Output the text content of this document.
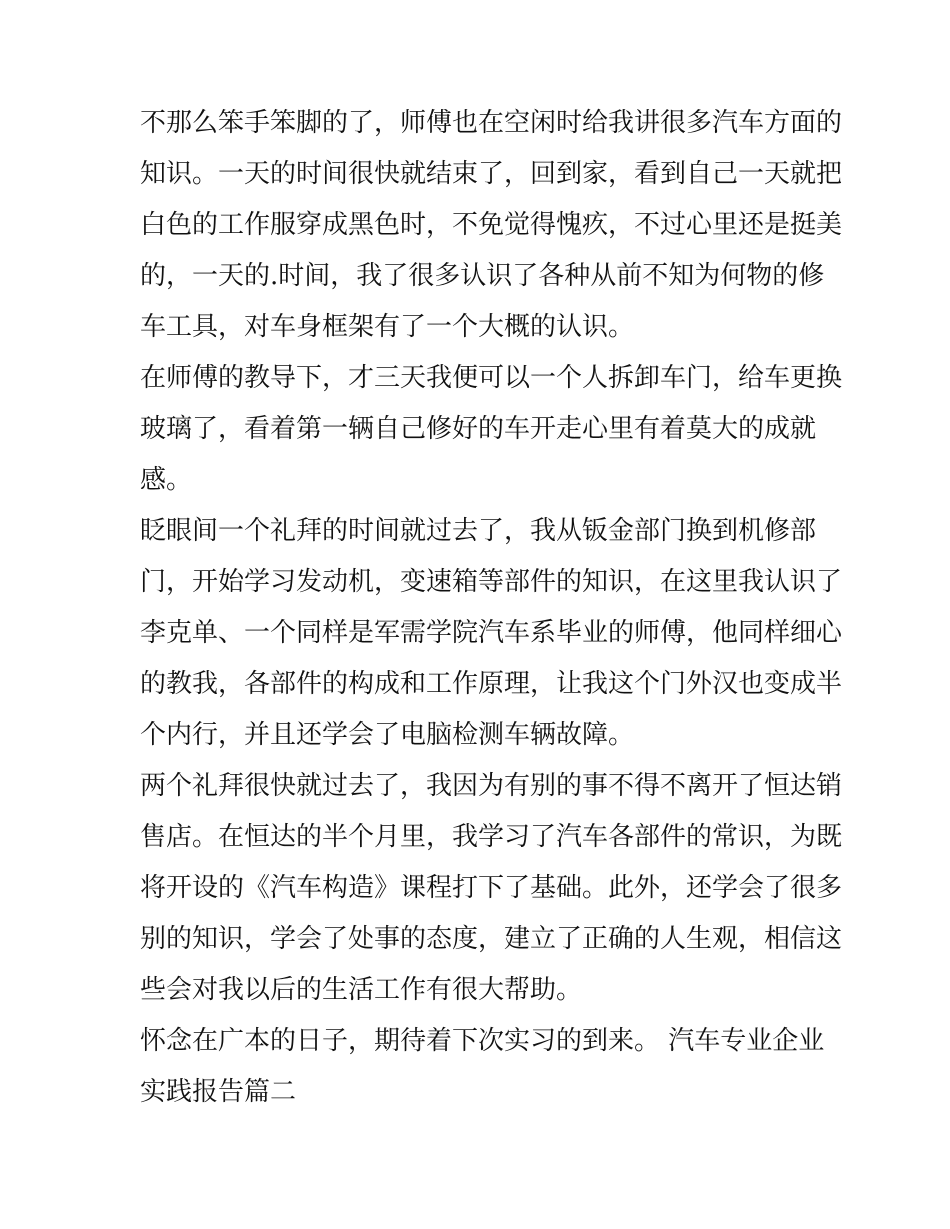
不那么笨手笨脚的了，师傅也在空闲时给我讲很多汽车方面的
知识。一天的时间很快就结束了，回到家，看到自己一天就把
白色的工作服穿成黑色时，不免觉得愧疚，不过心里还是挺美
的，一天的.时间，我了很多认识了各种从前不知为何物的修
车工具，对车身框架有了一个大概的认识。
在师傅的教导下，才三天我便可以一个人拆卸车门，给车更换
玻璃了，看着第一辆自己修好的车开走心里有着莫大的成就
感。
眨眼间一个礼拜的时间就过去了，我从钣金部门换到机修部
门，开始学习发动机，变速箱等部件的知识，在这里我认识了
李克单、一个同样是军需学院汽车系毕业的师傅，他同样细心
的教我，各部件的构成和工作原理，让我这个门外汉也变成半
个内行，并且还学会了电脑检测车辆故障。
两个礼拜很快就过去了，我因为有别的事不得不离开了恒达销
售店。在恒达的半个月里，我学习了汽车各部件的常识，为既
将开设的《汽车构造》课程打下了基础。此外，还学会了很多
别的知识，学会了处事的态度，建立了正确的人生观，相信这
些会对我以后的生活工作有很大帮助。
怀念在广本的日子，期待着下次实习的到来。 汽车专业企业
实践报告篇二
